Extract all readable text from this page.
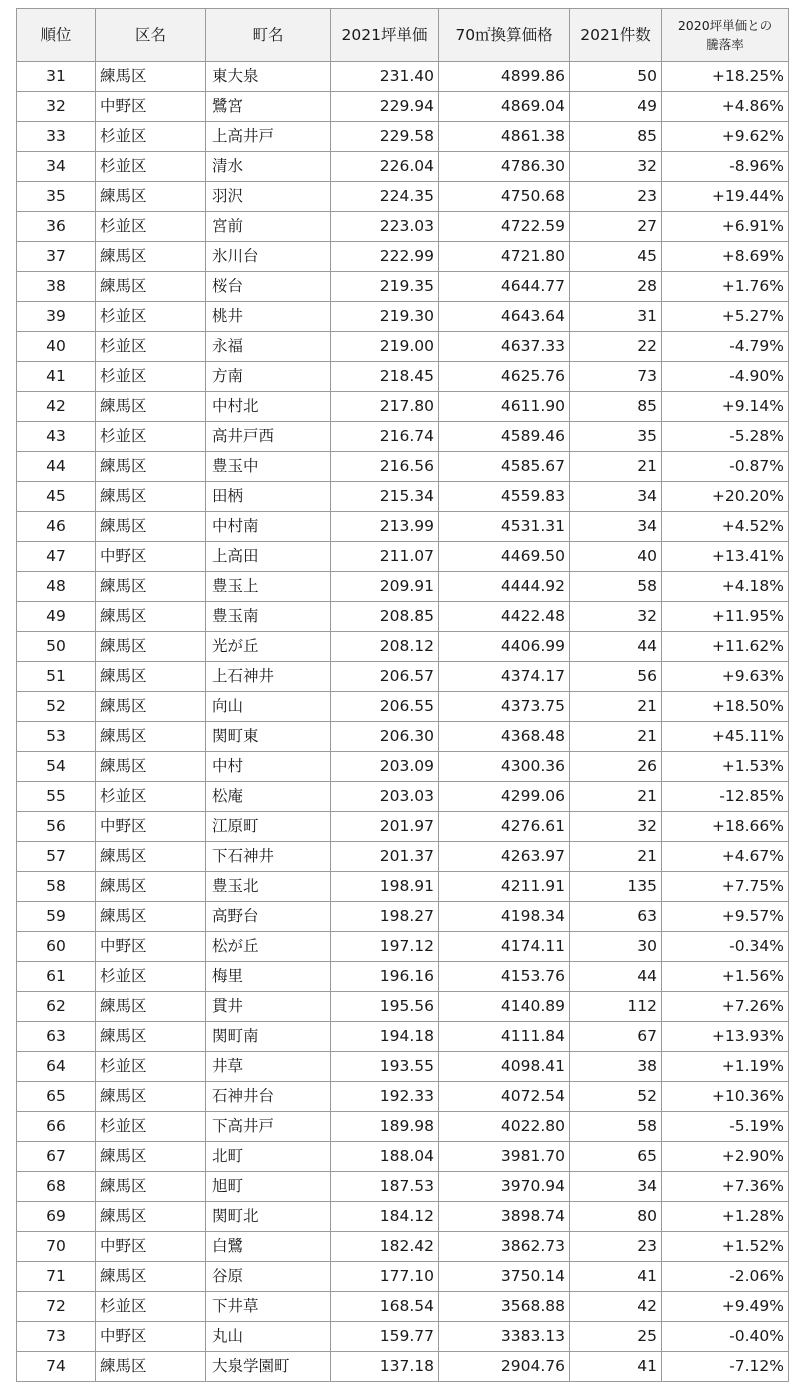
順位	区名	町名	2021坪単価	70㎡換算価格	2021件数	2020坪単価との
騰落率

31	練馬区	東大泉	231.40	4899.86	50	+18.25%
32	中野区	鷺宮	229.94	4869.04	49	+4.86%
33	杉並区	上高井戸	229.58	4861.38	85	+9.62%
34	杉並区	清水	226.04	4786.30	32	-8.96%
35	練馬区	羽沢	224.35	4750.68	23	+19.44%
36	杉並区	宮前	223.03	4722.59	27	+6.91%
37	練馬区	氷川台	222.99	4721.80	45	+8.69%
38	練馬区	桜台	219.35	4644.77	28	+1.76%
39	杉並区	桃井	219.30	4643.64	31	+5.27%
40	杉並区	永福	219.00	4637.33	22	-4.79%
41	杉並区	方南	218.45	4625.76	73	-4.90%
42	練馬区	中村北	217.80	4611.90	85	+9.14%
43	杉並区	高井戸西	216.74	4589.46	35	-5.28%
44	練馬区	豊玉中	216.56	4585.67	21	-0.87%
45	練馬区	田柄	215.34	4559.83	34	+20.20%
46	練馬区	中村南	213.99	4531.31	34	+4.52%
47	中野区	上高田	211.07	4469.50	40	+13.41%
48	練馬区	豊玉上	209.91	4444.92	58	+4.18%
49	練馬区	豊玉南	208.85	4422.48	32	+11.95%
50	練馬区	光が丘	208.12	4406.99	44	+11.62%
51	練馬区	上石神井	206.57	4374.17	56	+9.63%
52	練馬区	向山	206.55	4373.75	21	+18.50%
53	練馬区	関町東	206.30	4368.48	21	+45.11%
54	練馬区	中村	203.09	4300.36	26	+1.53%
55	杉並区	松庵	203.03	4299.06	21	-12.85%
56	中野区	江原町	201.97	4276.61	32	+18.66%
57	練馬区	下石神井	201.37	4263.97	21	+4.67%
58	練馬区	豊玉北	198.91	4211.91	135	+7.75%
59	練馬区	高野台	198.27	4198.34	63	+9.57%
60	中野区	松が丘	197.12	4174.11	30	-0.34%
61	杉並区	梅里	196.16	4153.76	44	+1.56%
62	練馬区	貫井	195.56	4140.89	112	+7.26%
63	練馬区	関町南	194.18	4111.84	67	+13.93%
64	杉並区	井草	193.55	4098.41	38	+1.19%
65	練馬区	石神井台	192.33	4072.54	52	+10.36%
66	杉並区	下高井戸	189.98	4022.80	58	-5.19%
67	練馬区	北町	188.04	3981.70	65	+2.90%
68	練馬区	旭町	187.53	3970.94	34	+7.36%
69	練馬区	関町北	184.12	3898.74	80	+1.28%
70	中野区	白鷺	182.42	3862.73	23	+1.52%
71	練馬区	谷原	177.10	3750.14	41	-2.06%
72	杉並区	下井草	168.54	3568.88	42	+9.49%
73	中野区	丸山	159.77	3383.13	25	-0.40%
74	練馬区	大泉学園町	137.18	2904.76	41	-7.12%
